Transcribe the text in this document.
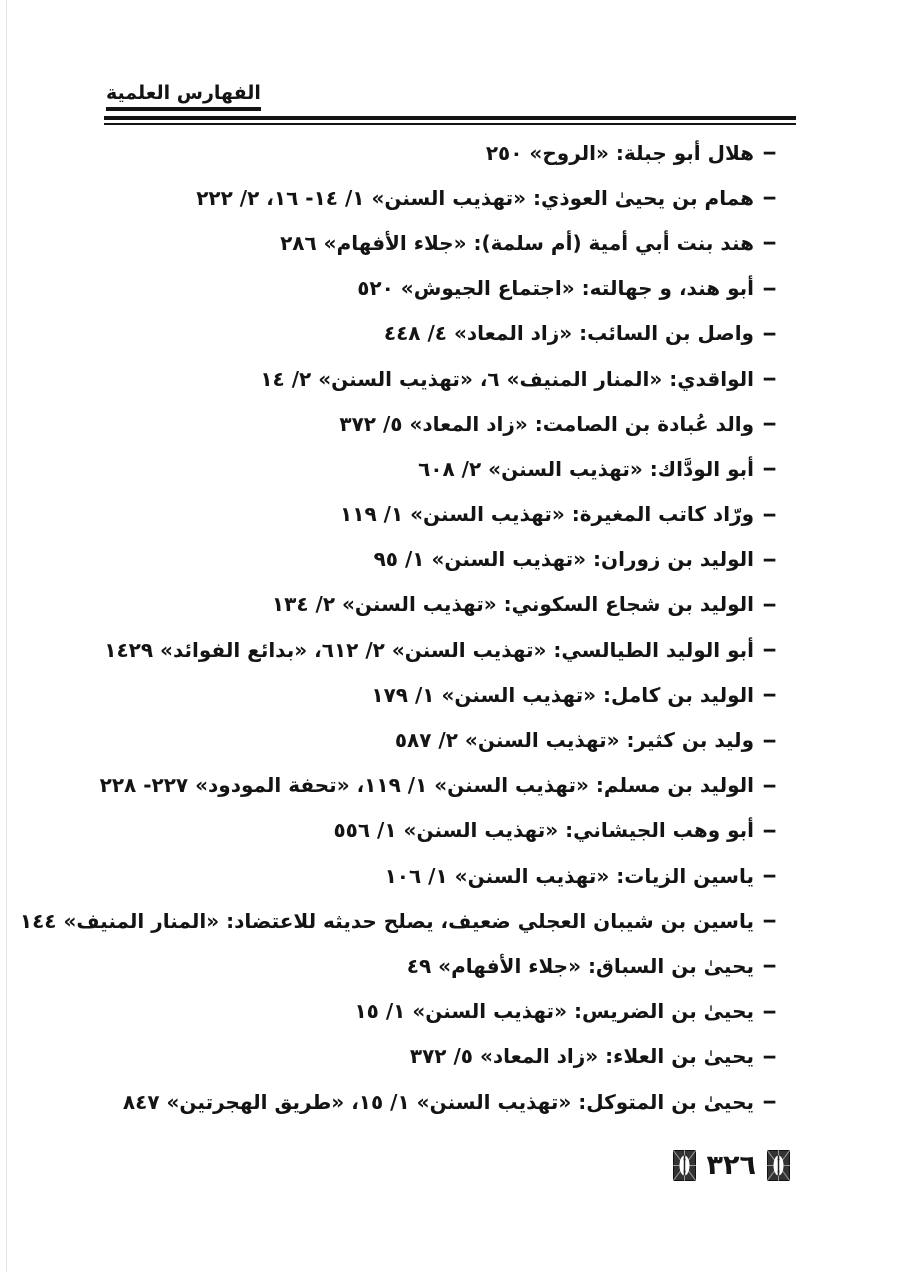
الفهارس العلمية
–
هلال أبو جبلة: «الروح» ٢٥٠
–
همام بن يحيىٰ العوذي: «تهذيب السنن» ١/ ١٤- ١٦، ٢/ ٢٢٢
–
هند بنت أبي أمية (أم سلمة): «جلاء الأفهام» ٢٨٦
–
أبو هند، و جهالته: «اجتماع الجيوش» ٥٢٠
–
واصل بن السائب: «زاد المعاد» ٤/ ٤٤٨
–
الواقدي: «المنار المنيف» ٦، «تهذيب السنن» ٢/ ١٤
–
والد عُبادة بن الصامت: «زاد المعاد» ٥/ ٣٧٢
–
أبو الودَّاك: «تهذيب السنن» ٢/ ٦٠٨
–
ورّاد كاتب المغيرة: «تهذيب السنن» ١/ ١١٩
–
الوليد بن زوران: «تهذيب السنن» ١/ ٩٥
–
الوليد بن شجاع السكوني: «تهذيب السنن» ٢/ ١٣٤
–
أبو الوليد الطيالسي: «تهذيب السنن» ٢/ ٦١٢، «بدائع الفوائد» ١٤٢٩
–
الوليد بن كامل: «تهذيب السنن» ١/ ١٧٩
–
وليد بن كثير: «تهذيب السنن» ٢/ ٥٨٧
–
الوليد بن مسلم: «تهذيب السنن» ١/ ١١٩، «تحفة المودود» ٢٢٧- ٢٢٨
–
أبو وهب الجيشاني: «تهذيب السنن» ١/ ٥٥٦
–
ياسين الزيات: «تهذيب السنن» ١/ ١٠٦
–
ياسين بن شيبان العجلي ضعيف، يصلح حديثه للاعتضاد: «المنار المنيف» ١٤٤
–
يحيىٰ بن السباق: «جلاء الأفهام» ٤٩
–
يحيىٰ بن الضريس: «تهذيب السنن» ١/ ١٥
–
يحيىٰ بن العلاء: «زاد المعاد» ٥/ ٣٧٢
–
يحيىٰ بن المتوكل: «تهذيب السنن» ١/ ١٥، «طريق الهجرتين» ٨٤٧
٣٢٦
